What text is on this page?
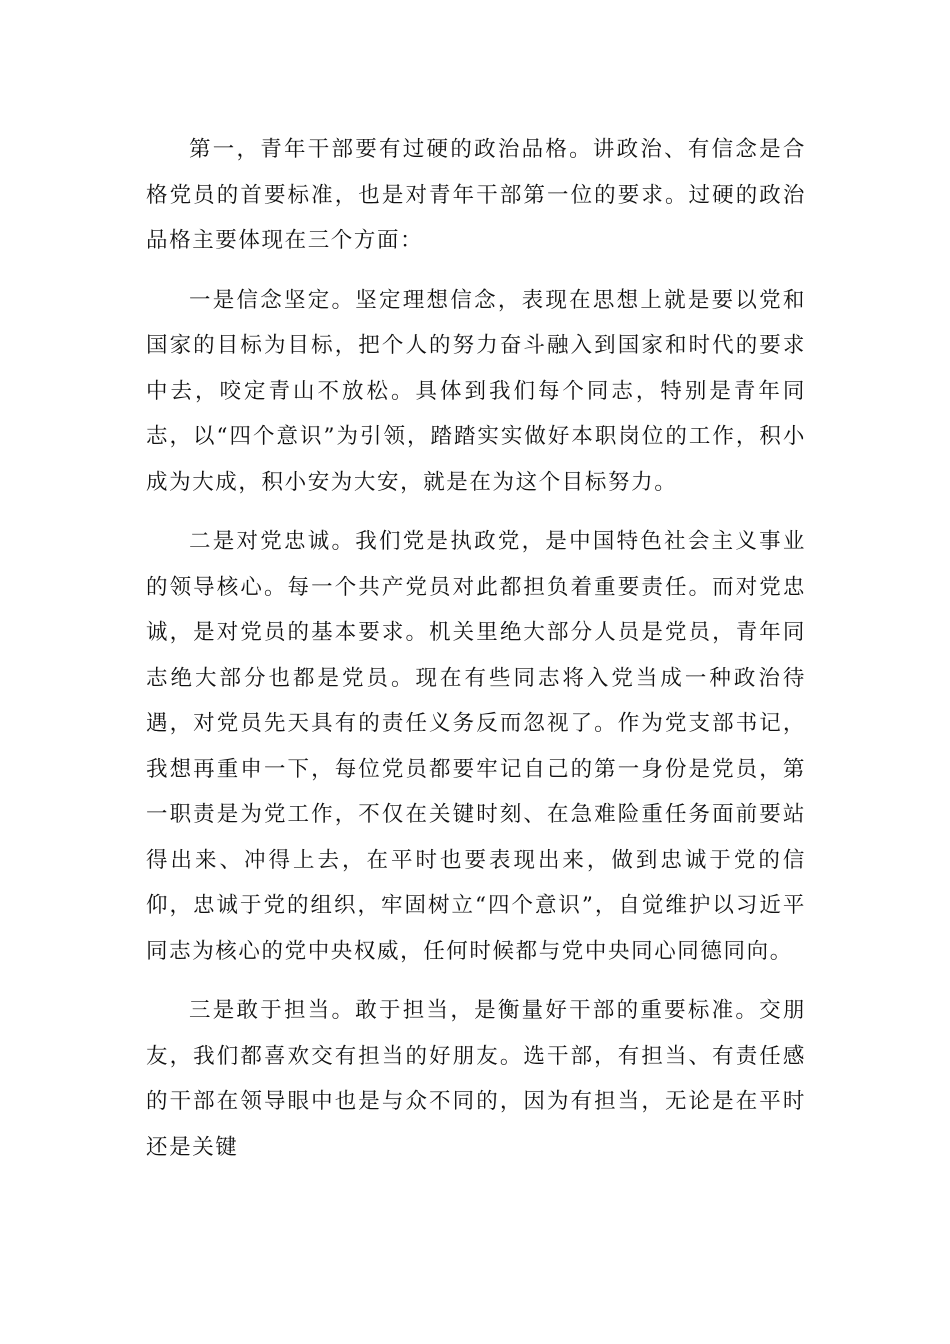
第一，青年干部要有过硬的政治品格。讲政治、有信念是合格党员的首要标准，也是对青年干部第一位的要求。过硬的政治品格主要体现在三个方面：

一是信念坚定。坚定理想信念，表现在思想上就是要以党和国家的目标为目标，把个人的努力奋斗融入到国家和时代的要求中去，咬定青山不放松。具体到我们每个同志，特别是青年同志，以“四个意识”为引领，踏踏实实做好本职岗位的工作，积小成为大成，积小安为大安，就是在为这个目标努力。

二是对党忠诚。我们党是执政党，是中国特色社会主义事业的领导核心。每一个共产党员对此都担负着重要责任。而对党忠诚，是对党员的基本要求。机关里绝大部分人员是党员，青年同志绝大部分也都是党员。现在有些同志将入党当成一种政治待遇，对党员先天具有的责任义务反而忽视了。作为党支部书记，我想再重申一下，每位党员都要牢记自己的第一身份是党员，第一职责是为党工作，不仅在关键时刻、在急难险重任务面前要站得出来、冲得上去，在平时也要表现出来，做到忠诚于党的信仰，忠诚于党的组织，牢固树立“四个意识”，自觉维护以习近平同志为核心的党中央权威，任何时候都与党中央同心同德同向。

三是敢于担当。敢于担当，是衡量好干部的重要标准。交朋友，我们都喜欢交有担当的好朋友。选干部，有担当、有责任感的干部在领导眼中也是与众不同的，因为有担当，无论是在平时还是关键
